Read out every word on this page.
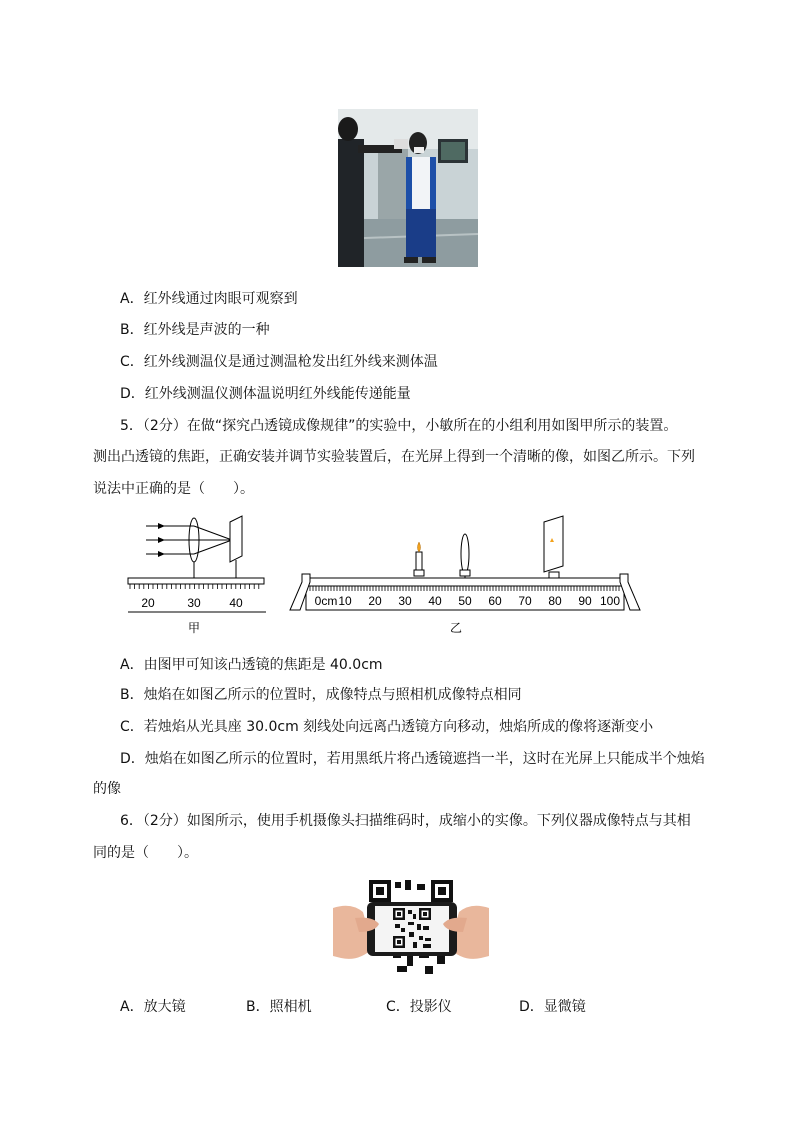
A．红外线通过肉眼可观察到
B．红外线是声波的一种
C．红外线测温仪是通过测温枪发出红外线来测体温
D．红外线测温仪测体温说明红外线能传递能量
5．（2分）在做“探究凸透镜成像规律”的实验中，小敏所在的小组利用如图甲所示的装置。
测出凸透镜的焦距，正确安装并调节实验装置后，在光屏上得到一个清晰的像，如图乙所示。下列
说法中正确的是（　　）。
20	30 40
甲
0cm 10 20 30 40 50 60 70 80 90 100
乙
A．由图甲可知该凸透镜的焦距是 40.0cm
B．烛焰在如图乙所示的位置时，成像特点与照相机成像特点相同
C．若烛焰从光具座 30.0cm 刻线处向远离凸透镜方向移动，烛焰所成的像将逐渐变小
D．烛焰在如图乙所示的位置时，若用黑纸片将凸透镜遮挡一半，这时在光屏上只能成半个烛焰
的像
6．（2分）如图所示，使用手机摄像头扫描维码时，成缩小的实像。下列仪器成像特点与其相
同的是（　　）。
A．放大镜	B．照相机	C．投影仪	D．显微镜
